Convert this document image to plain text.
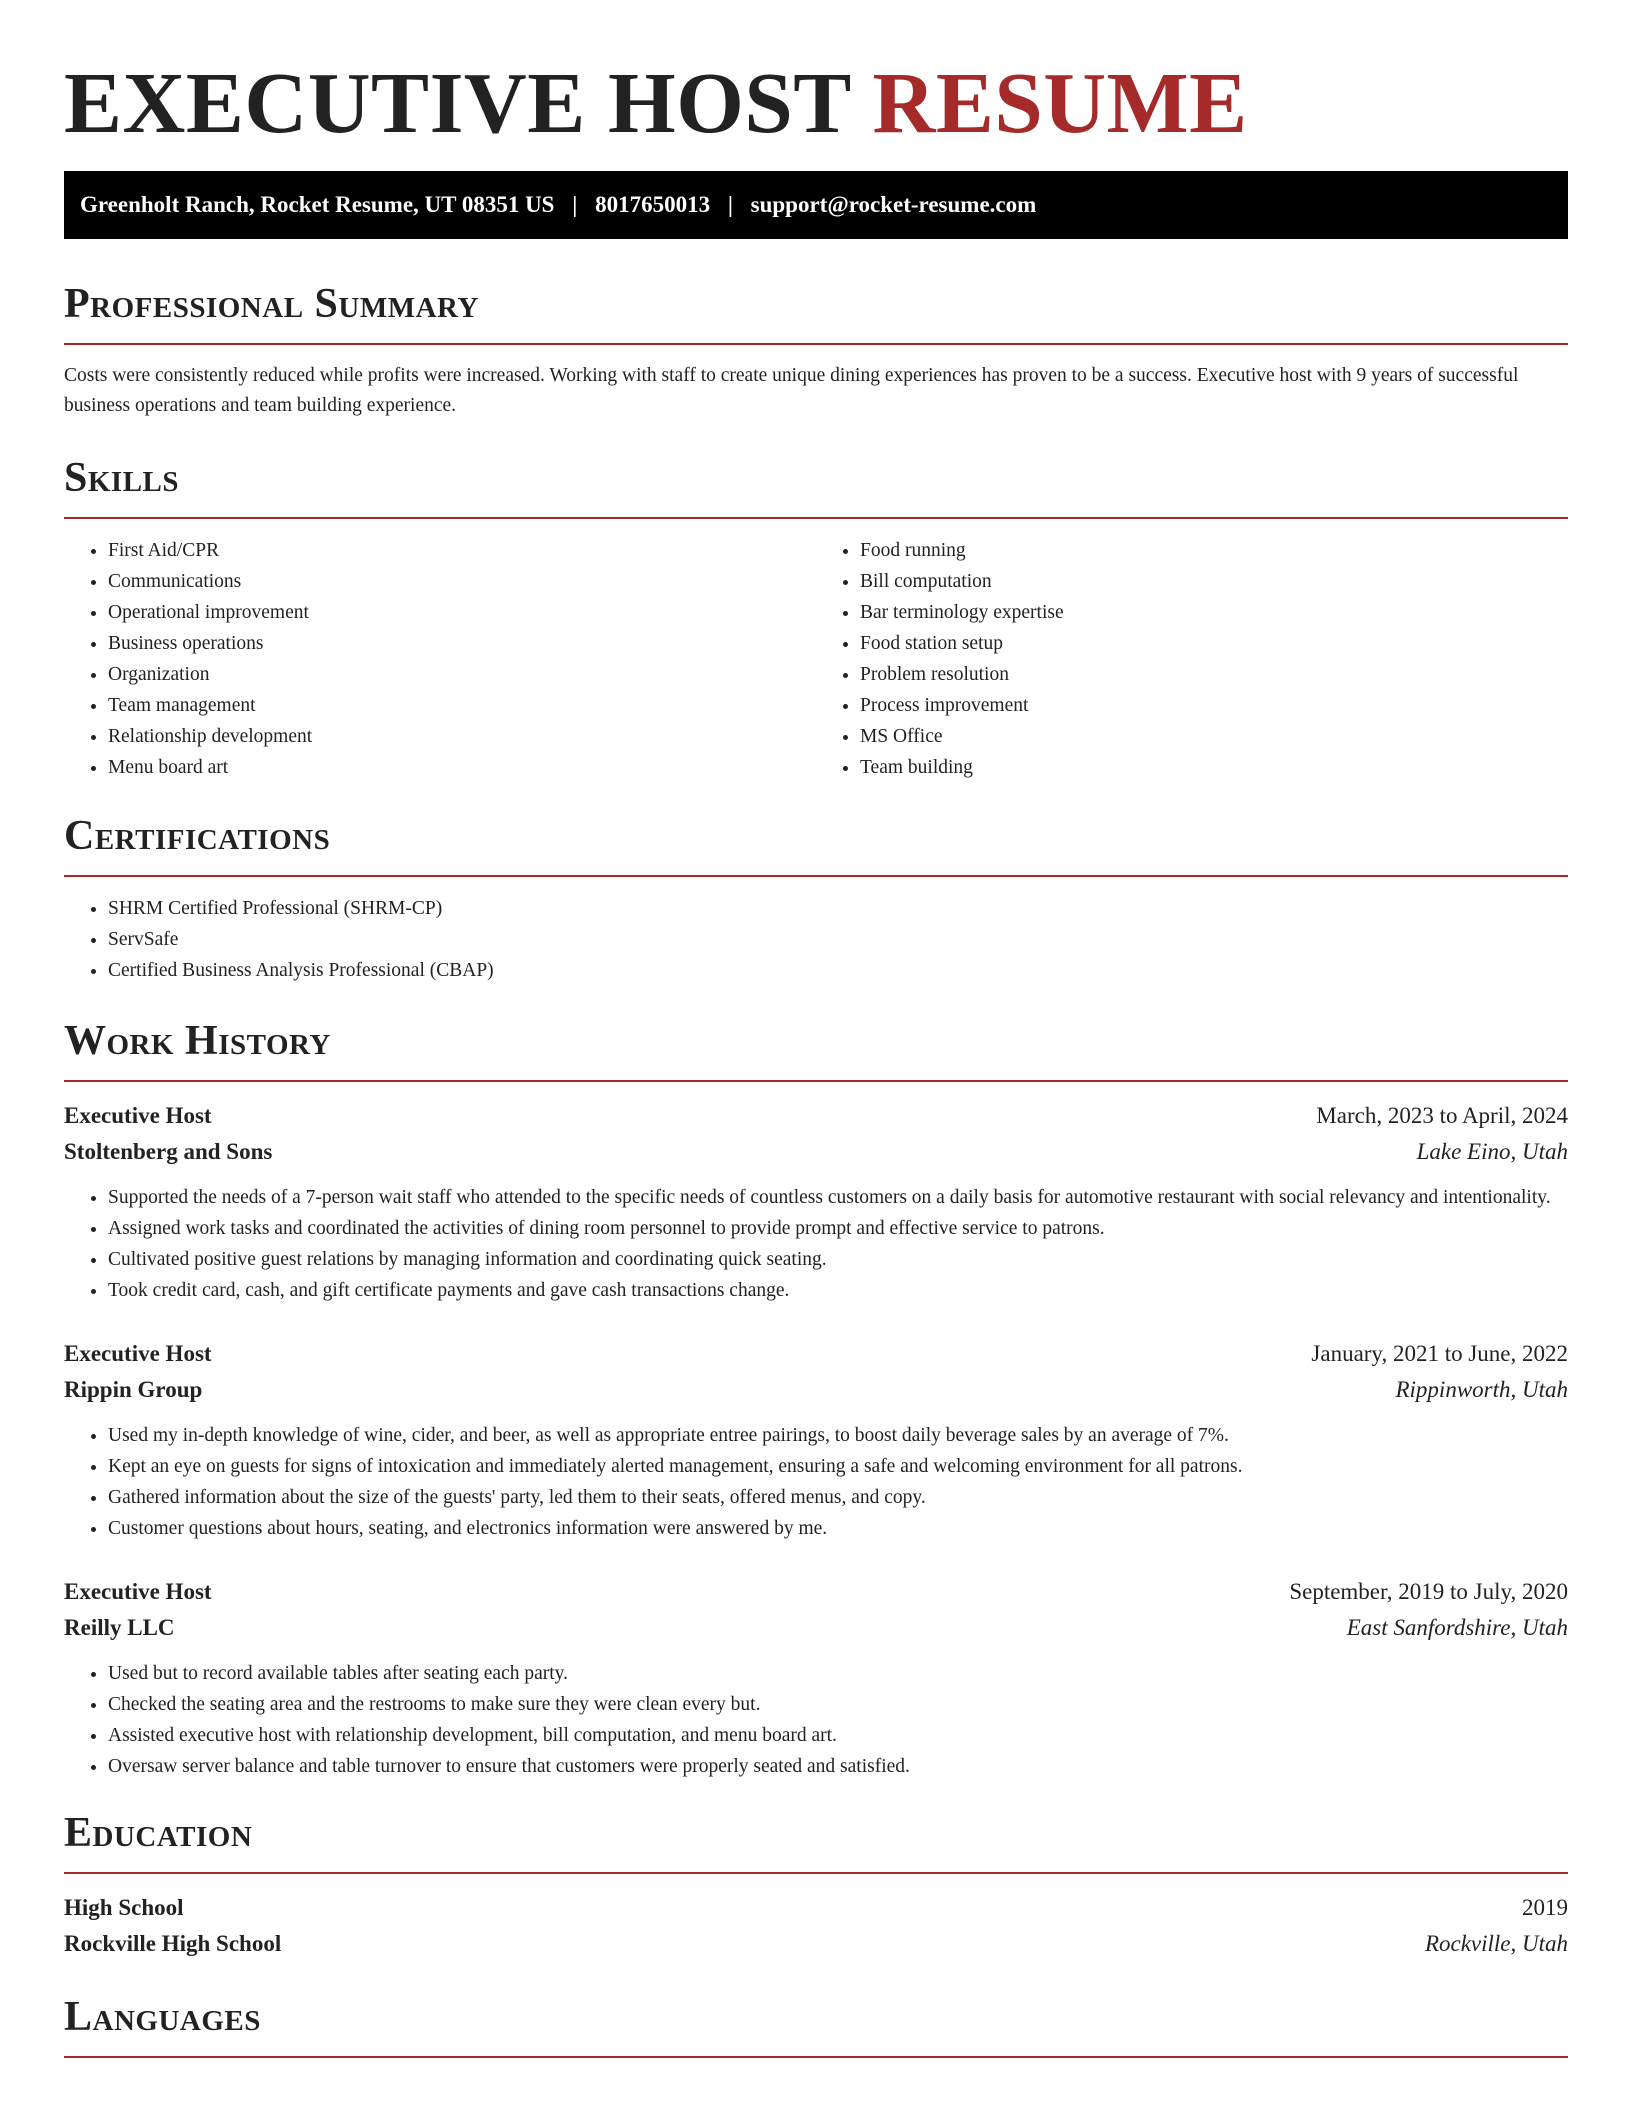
EXECUTIVE HOST RESUME
Greenholt Ranch, Rocket Resume, UT 08351 US | 8017650013 | support@rocket-resume.com
Professional Summary
Costs were consistently reduced while profits were increased. Working with staff to create unique dining experiences has proven to be a success. Executive host with 9 years of successful business operations and team building experience.
Skills
• First Aid/CPR
• Communications
• Operational improvement
• Business operations
• Organization
• Team management
• Relationship development
• Menu board art
• Food running
• Bill computation
• Bar terminology expertise
• Food station setup
• Problem resolution
• Process improvement
• MS Office
• Team building
Certifications
• SHRM Certified Professional (SHRM-CP)
• ServSafe
• Certified Business Analysis Professional (CBAP)
Work History
Executive Host	March, 2023 to April, 2024
Stoltenberg and Sons	Lake Eino, Utah
• Supported the needs of a 7-person wait staff who attended to the specific needs of countless customers on a daily basis for automotive restaurant with social relevancy and intentionality.
• Assigned work tasks and coordinated the activities of dining room personnel to provide prompt and effective service to patrons.
• Cultivated positive guest relations by managing information and coordinating quick seating.
• Took credit card, cash, and gift certificate payments and gave cash transactions change.
Executive Host	January, 2021 to June, 2022
Rippin Group	Rippinworth, Utah
• Used my in-depth knowledge of wine, cider, and beer, as well as appropriate entree pairings, to boost daily beverage sales by an average of 7%.
• Kept an eye on guests for signs of intoxication and immediately alerted management, ensuring a safe and welcoming environment for all patrons.
• Gathered information about the size of the guests' party, led them to their seats, offered menus, and copy.
• Customer questions about hours, seating, and electronics information were answered by me.
Executive Host	September, 2019 to July, 2020
Reilly LLC	East Sanfordshire, Utah
• Used but to record available tables after seating each party.
• Checked the seating area and the restrooms to make sure they were clean every but.
• Assisted executive host with relationship development, bill computation, and menu board art.
• Oversaw server balance and table turnover to ensure that customers were properly seated and satisfied.
Education
High School	2019
Rockville High School	Rockville, Utah
Languages
